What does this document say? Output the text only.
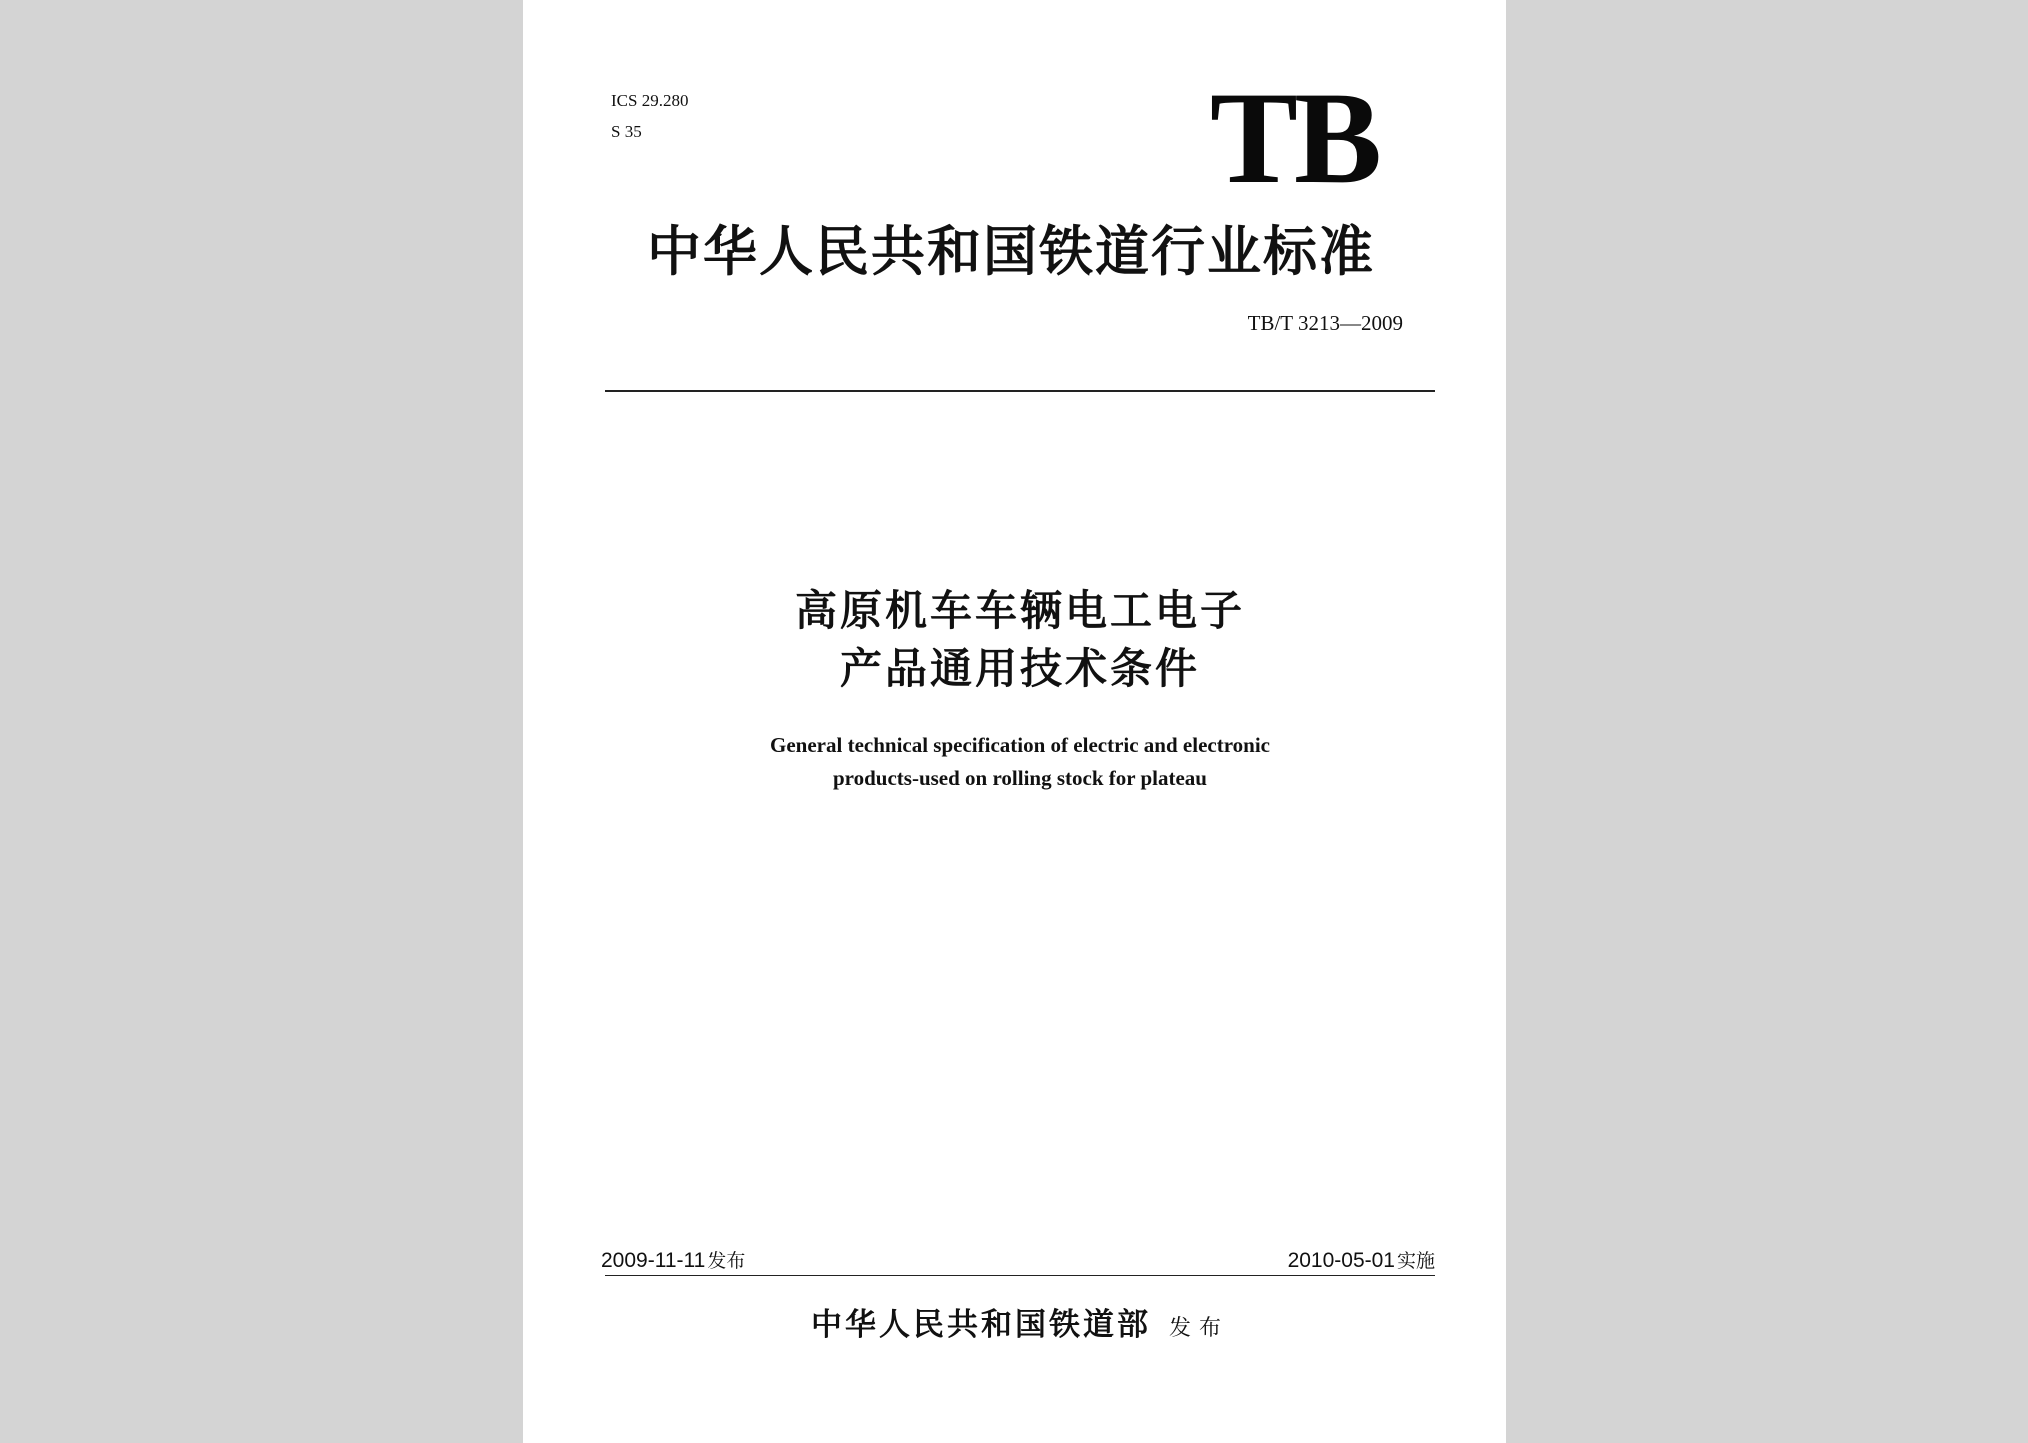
ICS 29.280
S 35	TB
中华人民共和国铁道行业标准
TB/T 3213—2009
高原机车车辆电工电子
产品通用技术条件
General technical specification of electric and electronic
products-used on rolling stock for plateau
2009-11-11 发布	2010-05-01 实施
中华人民共和国铁道部 发布
